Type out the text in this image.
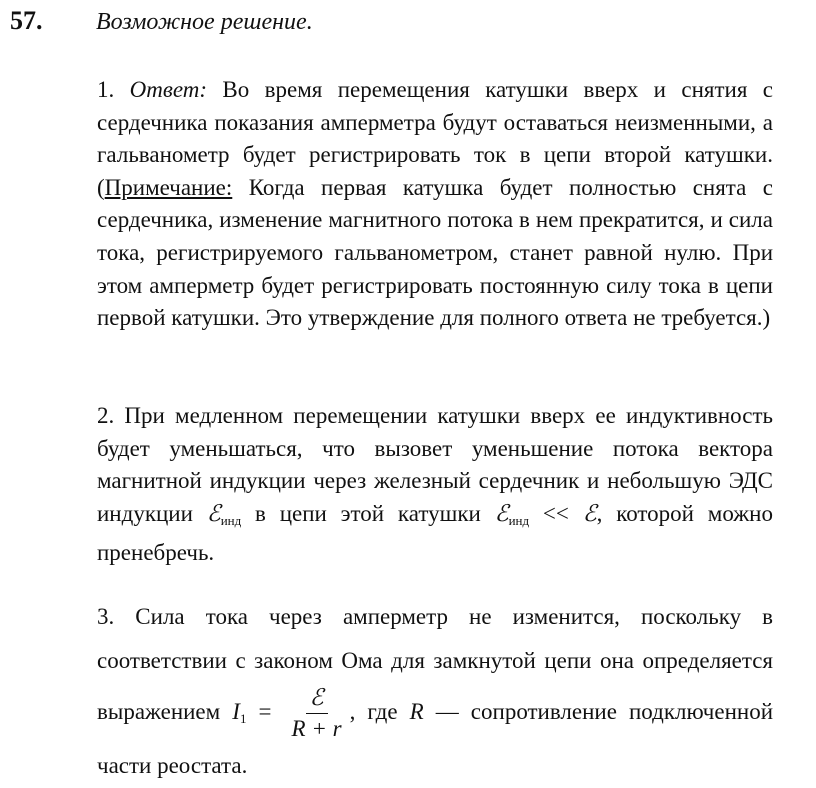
57.	Возможное решение.
1. Ответ: Во время перемещения катушки вверх и снятия с сердечника показания амперметра будут оставаться неизменными, а гальванометр будет регистрировать ток в цепи второй катушки. (Примечание: Когда первая катушка будет полностью снята с сердечника, изменение магнитного потока в нем прекратится, и сила тока, регистрируемого гальванометром, станет равной нулю. При этом амперметр будет регистрировать постоянную силу тока в цепи первой катушки. Это утверждение для полного ответа не требуется.)
2. При медленном перемещении катушки вверх ее индуктивность будет уменьшаться, что вызовет уменьшение потока вектора магнитной индукции через железный сердечник и небольшую ЭДС индукции ℰ$_{инд}$ в цепи этой катушки ℰ$_{инд}$ << ℰ, которой можно пренебречь.
3. Сила тока через амперметр не изменится, поскольку в соответствии с законом Ома для замкнутой цепи она определяется выражением $I_1 = \frac{\text{ℰ}}{R + r}$ , где R — сопротивление подключенной части реостата.
